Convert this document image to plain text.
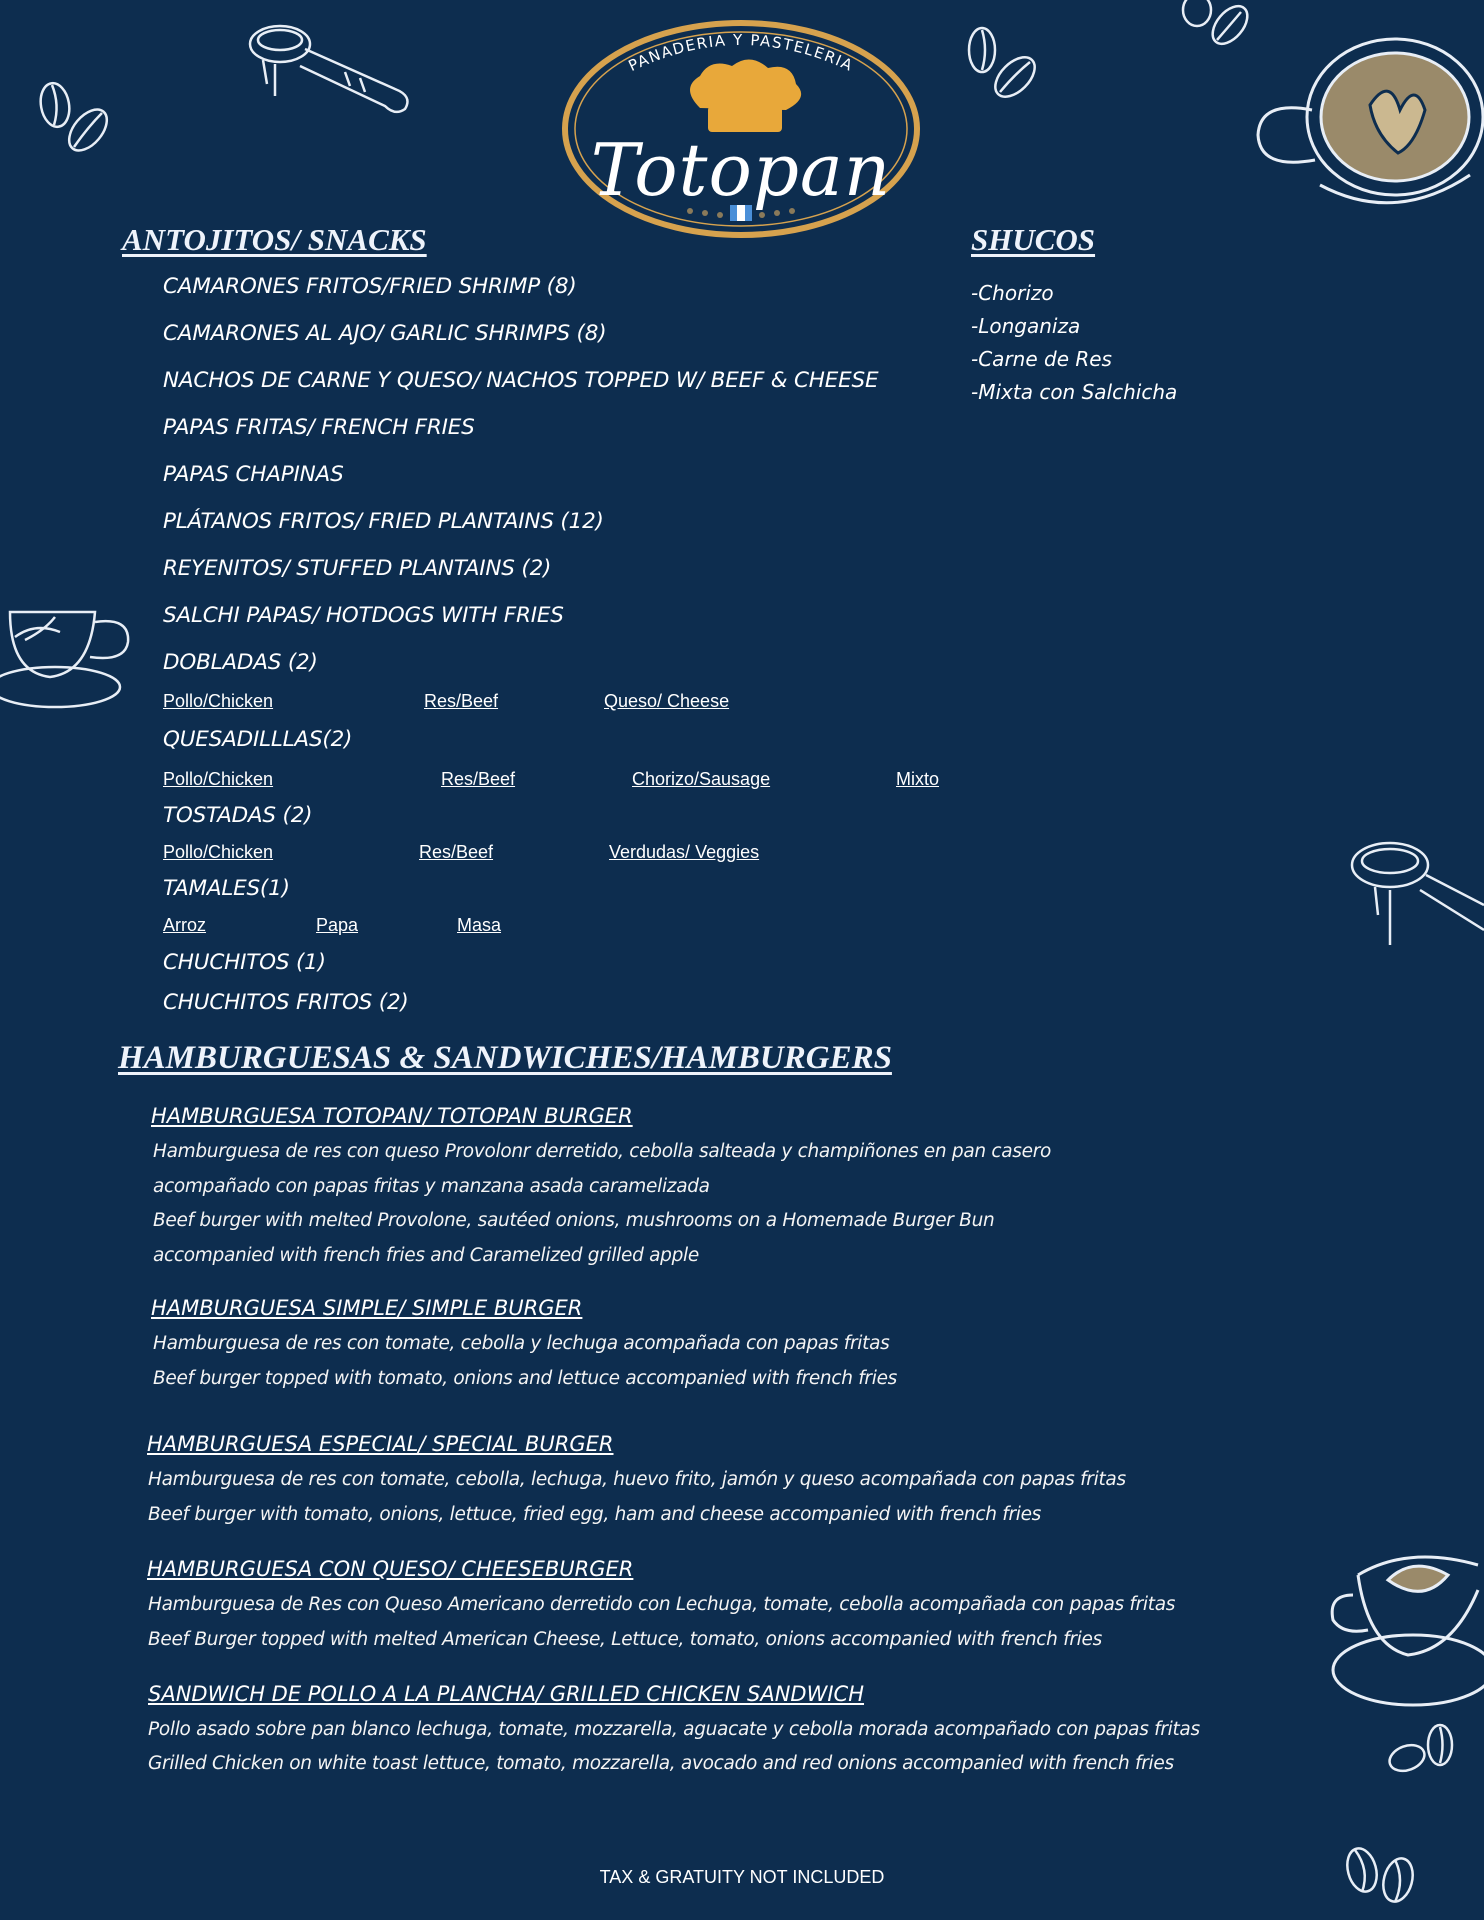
PANADERIA Y PASTELERIA
Totopan
ANTOJITOS/ SNACKS	SHUCOS
HAMBURGUESAS & SANDWICHES/HAMBURGERS
CAMARONES FRITOS/FRIED SHRIMP (8)
CAMARONES AL AJO/ GARLIC SHRIMPS (8)
NACHOS DE CARNE Y QUESO/ NACHOS TOPPED W/ BEEF & CHEESE
PAPAS FRITAS/ FRENCH FRIES
PAPAS CHAPINAS
PLÁTANOS FRITOS/ FRIED PLANTAINS (12)
REYENITOS/ STUFFED PLANTAINS (2)
SALCHI PAPAS/ HOTDOGS WITH FRIES
DOBLADAS (2)
QUESADILLLAS(2)
TOSTADAS (2)
TAMALES(1)
CHUCHITOS (1)
CHUCHITOS FRITOS (2)
Pollo/Chicken	Res/Beef	Queso/ Cheese
Pollo/Chicken	Res/Beef	Chorizo/Sausage	Mixto
Pollo/Chicken	Res/Beef	Verdudas/ Veggies
Arroz	Papa	Masa
-Chorizo
-Longaniza
-Carne de Res
-Mixta con Salchicha
HAMBURGUESA TOTOPAN/ TOTOPAN BURGER
Hamburguesa de res con queso Provolonr derretido, cebolla salteada y champiñones en pan casero
acompañado con papas fritas y manzana asada caramelizada
Beef burger with melted Provolone, sautéed onions, mushrooms on a Homemade Burger Bun
accompanied with french fries and Caramelized grilled apple
HAMBURGUESA SIMPLE/ SIMPLE BURGER
Hamburguesa de res con tomate, cebolla y lechuga acompañada con papas fritas
Beef burger topped with tomato, onions and lettuce accompanied with french fries
HAMBURGUESA ESPECIAL/ SPECIAL BURGER
Hamburguesa de res con tomate, cebolla, lechuga, huevo frito, jamón y queso acompañada con papas fritas
Beef burger with tomato, onions, lettuce, fried egg, ham and cheese accompanied with french fries
HAMBURGUESA CON QUESO/ CHEESEBURGER
Hamburguesa de Res con Queso Americano derretido con Lechuga, tomate, cebolla acompañada con papas fritas
Beef Burger topped with melted American Cheese, Lettuce, tomato, onions accompanied with french fries
SANDWICH DE POLLO A LA PLANCHA/ GRILLED CHICKEN SANDWICH
Pollo asado sobre pan blanco lechuga, tomate, mozzarella, aguacate y cebolla morada acompañado con papas fritas
Grilled Chicken on white toast lettuce, tomato, mozzarella, avocado and red onions accompanied with french fries
TAX & GRATUITY NOT INCLUDED
